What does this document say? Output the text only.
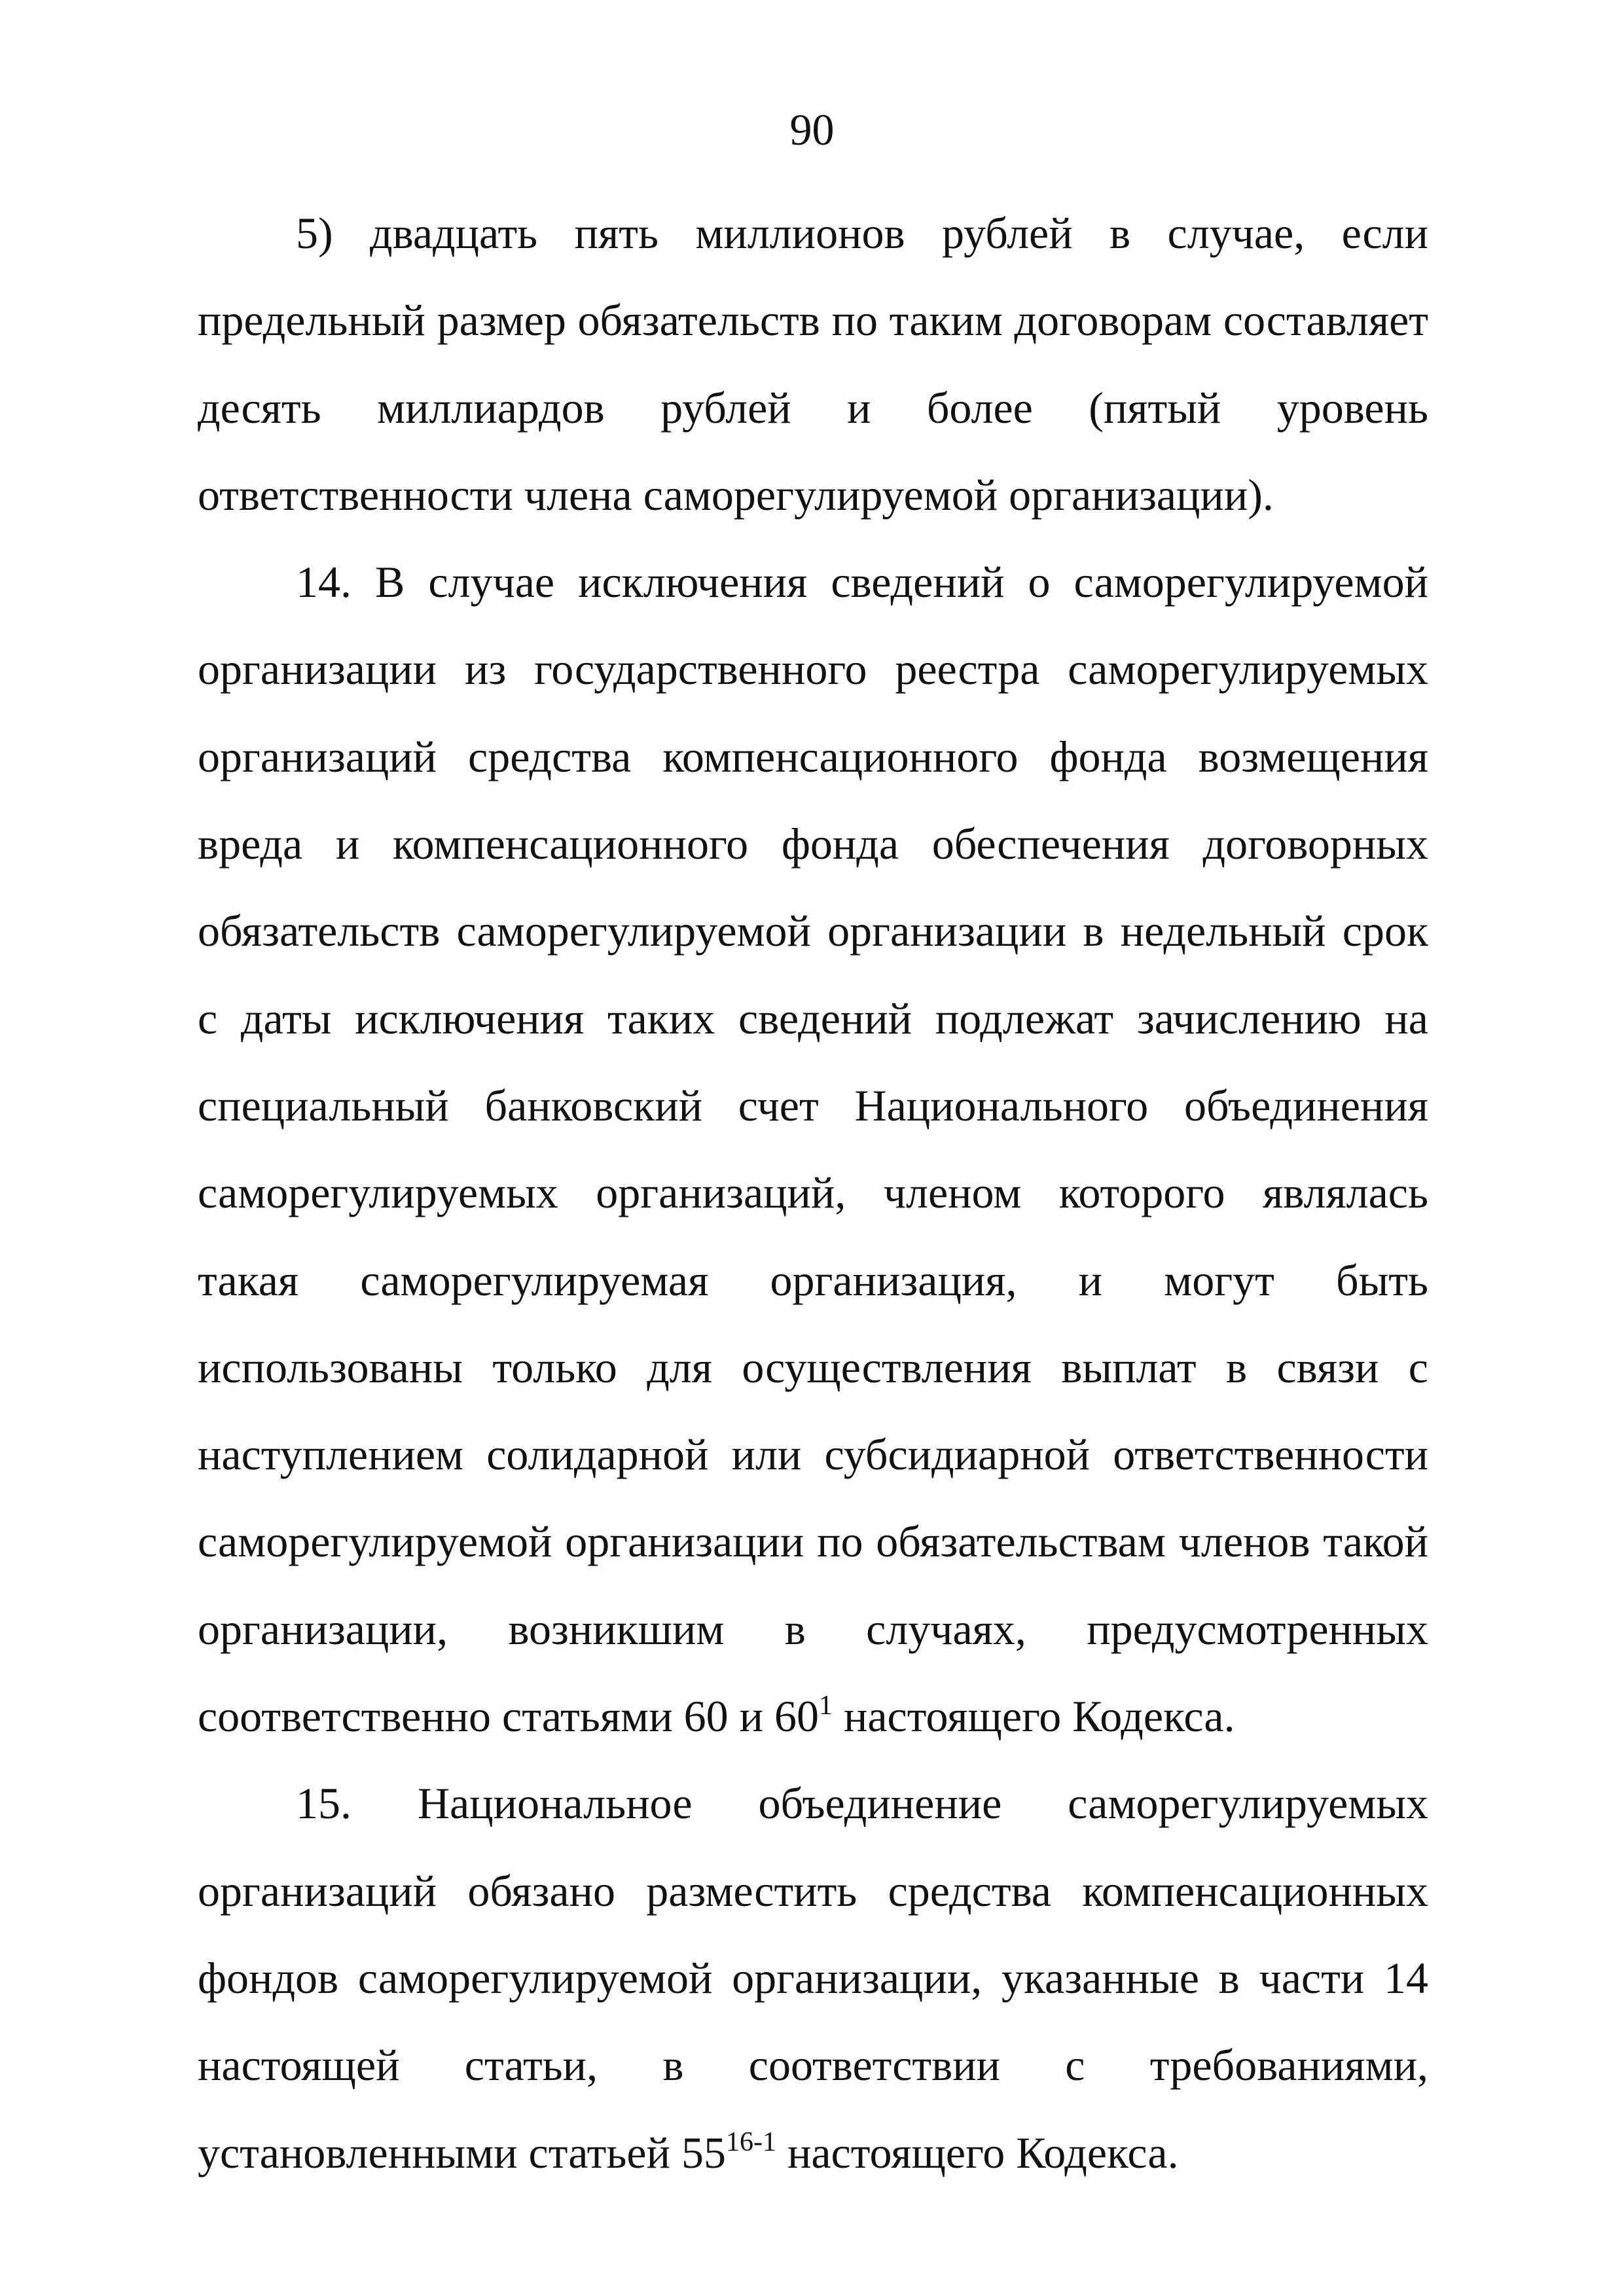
90

5) двадцать пять миллионов рублей в случае, если предельный размер обязательств по таким договорам составляет десять миллиардов рублей и более (пятый уровень ответственности члена саморегулируемой организации).

14. В случае исключения сведений о саморегулируемой организации из государственного реестра саморегулируемых организаций средства компенсационного фонда возмещения вреда и компенсационного фонда обеспечения договорных обязательств саморегулируемой организации в недельный срок с даты исключения таких сведений подлежат зачислению на специальный банковский счет Национального объединения саморегулируемых организаций, членом которого являлась такая саморегулируемая организация, и могут быть использованы только для осуществления выплат в связи с наступлением солидарной или субсидиарной ответственности саморегулируемой организации по обязательствам членов такой организации, возникшим в случаях, предусмотренных соответственно статьями 60 и $60^1$ настоящего Кодекса.

15. Национальное объединение саморегулируемых организаций обязано разместить средства компенсационных фондов саморегулируемой организации, указанные в части 14 настоящей статьи, в соответствии с требованиями, установленными статьей 55$^{16-1}$ настоящего Кодекса.
